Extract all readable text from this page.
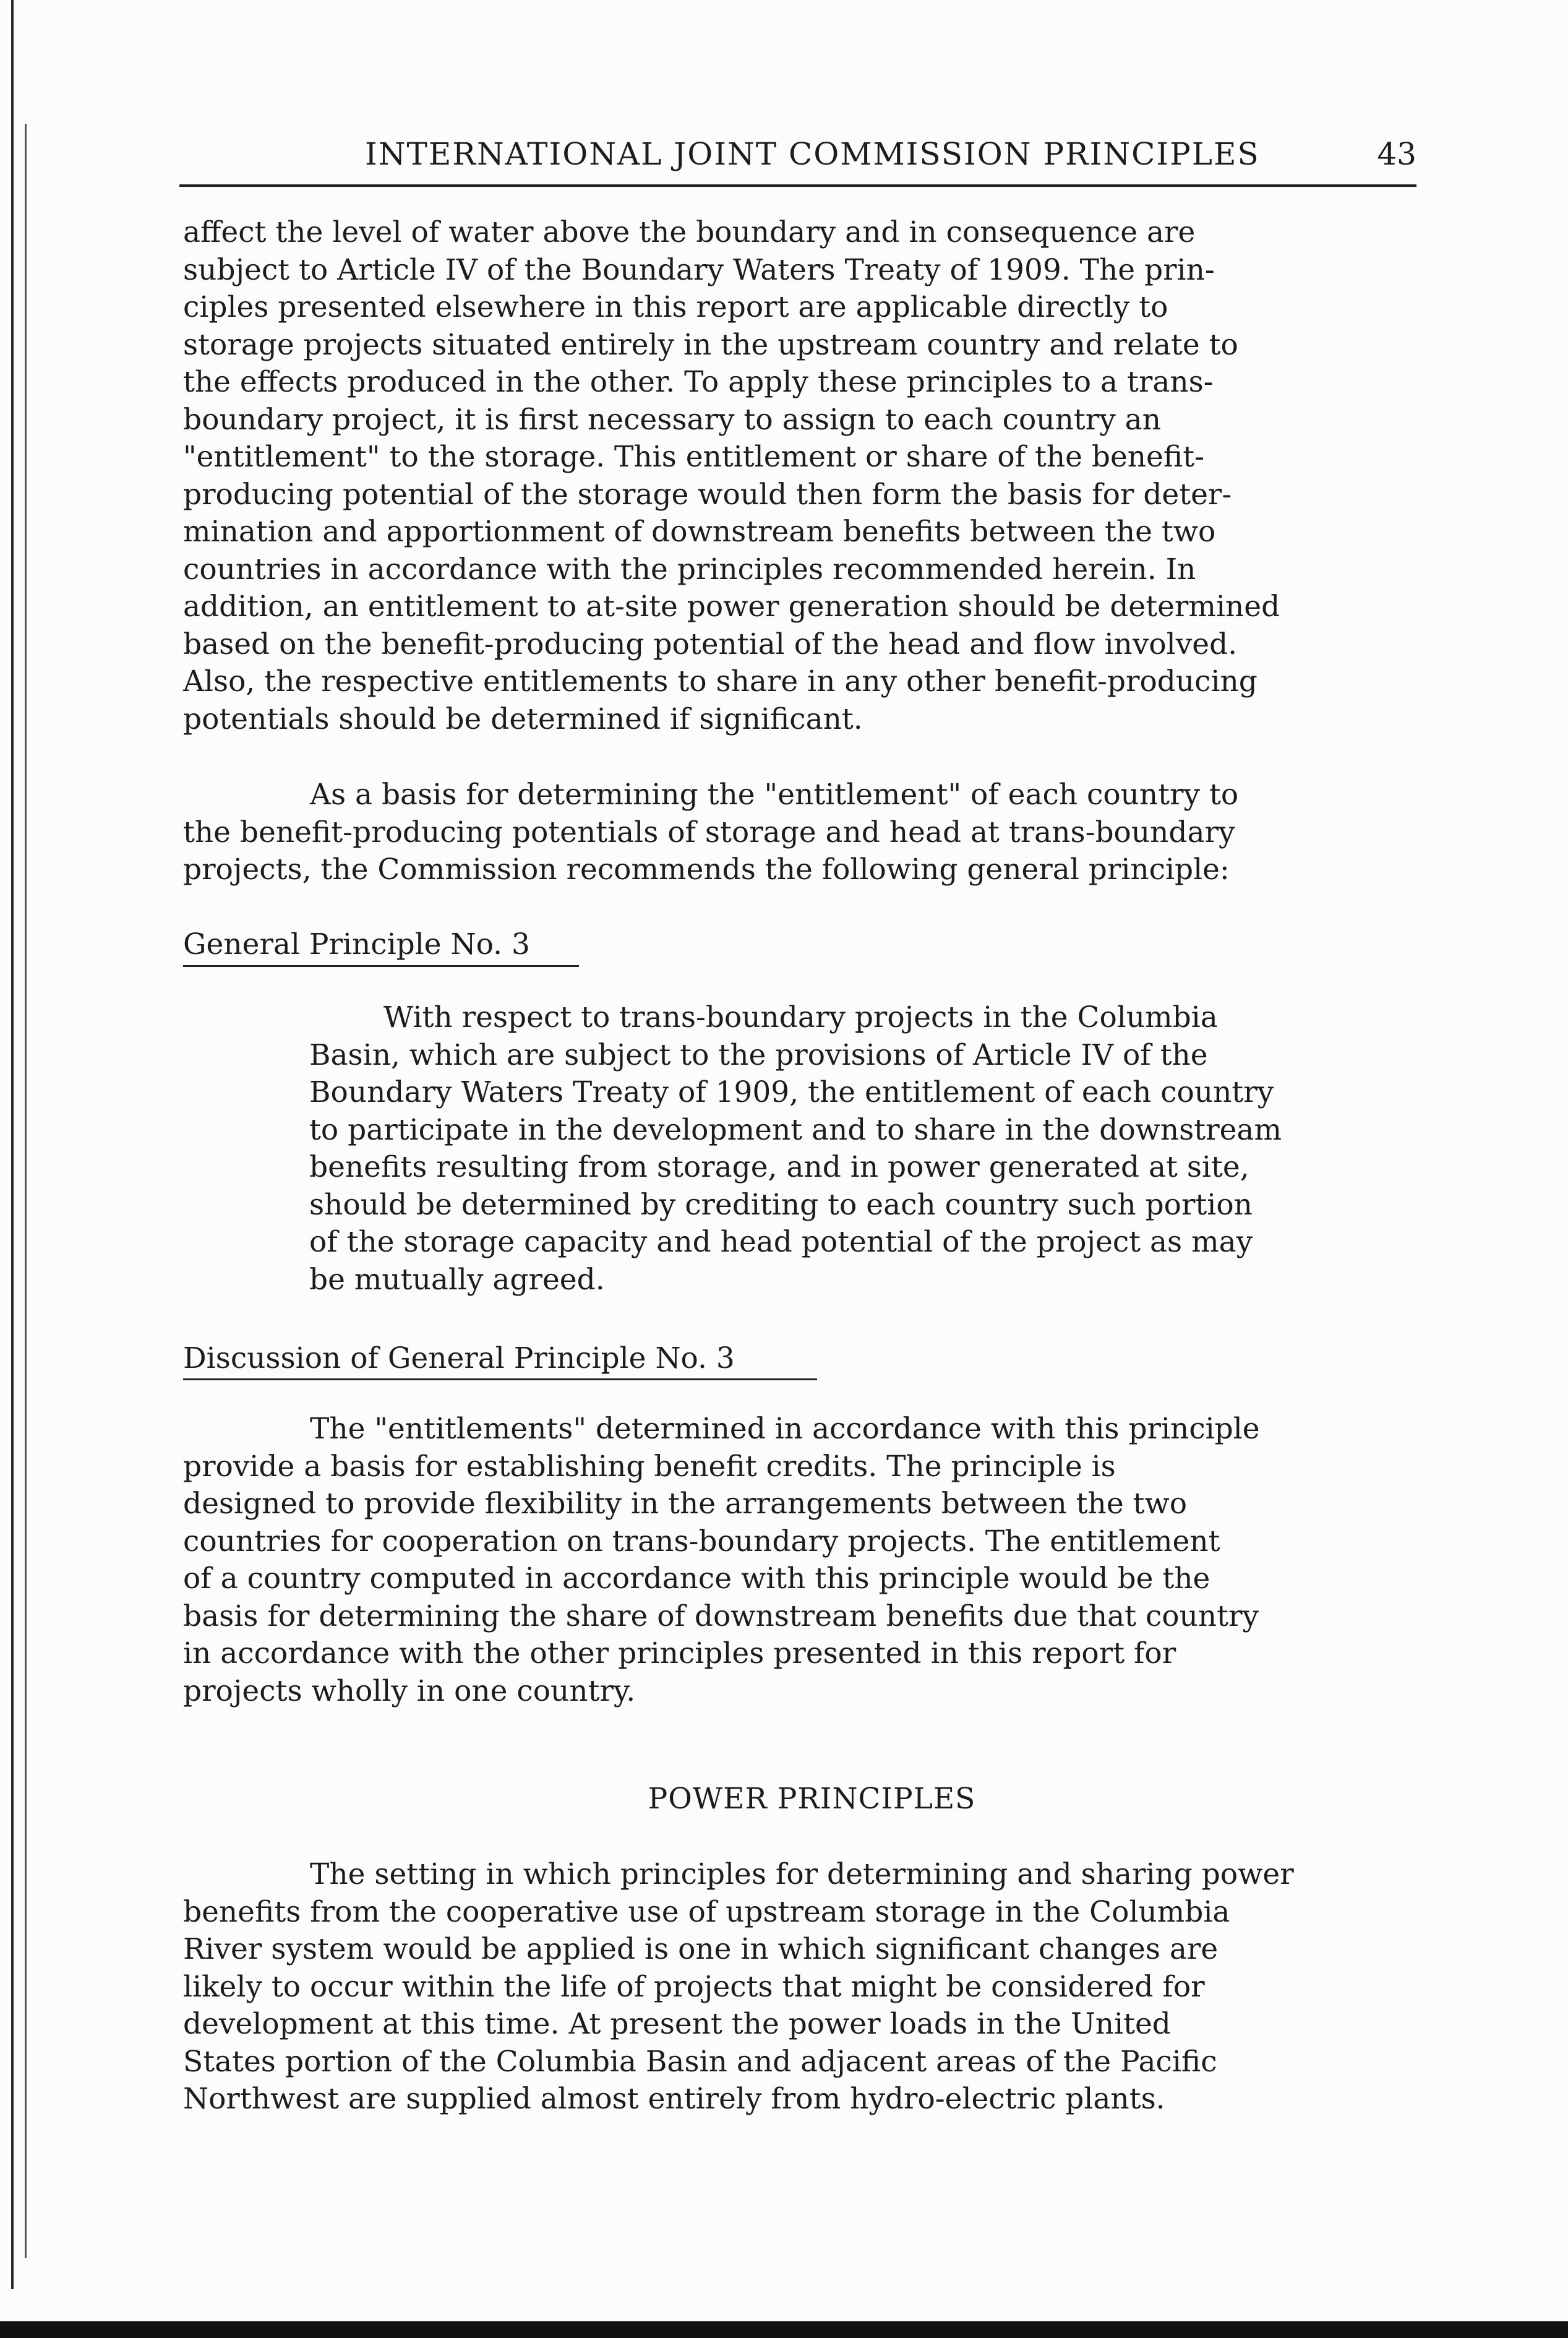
INTERNATIONAL JOINT COMMISSION PRINCIPLES	43

affect the level of water above the boundary and in consequence are
subject to Article IV of the Boundary Waters Treaty of 1909. The prin-
ciples presented elsewhere in this report are applicable directly to
storage projects situated entirely in the upstream country and relate to
the effects produced in the other. To apply these principles to a trans-
boundary project, it is first necessary to assign to each country an
"entitlement" to the storage. This entitlement or share of the benefit-
producing potential of the storage would then form the basis for deter-
mination and apportionment of downstream benefits between the two
countries in accordance with the principles recommended herein. In
addition, an entitlement to at-site power generation should be determined
based on the benefit-producing potential of the head and flow involved.
Also, the respective entitlements to share in any other benefit-producing
potentials should be determined if significant.

As a basis for determining the "entitlement" of each country to
the benefit-producing potentials of storage and head at trans-boundary
projects, the Commission recommends the following general principle:

General Principle No. 3

With respect to trans-boundary projects in the Columbia
Basin, which are subject to the provisions of Article IV of the
Boundary Waters Treaty of 1909, the entitlement of each country
to participate in the development and to share in the downstream
benefits resulting from storage, and in power generated at site,
should be determined by crediting to each country such portion
of the storage capacity and head potential of the project as may
be mutually agreed.

Discussion of General Principle No. 3

The "entitlements" determined in accordance with this principle
provide a basis for establishing benefit credits. The principle is
designed to provide flexibility in the arrangements between the two
countries for cooperation on trans-boundary projects. The entitlement
of a country computed in accordance with this principle would be the
basis for determining the share of downstream benefits due that country
in accordance with the other principles presented in this report for
projects wholly in one country.

POWER PRINCIPLES

The setting in which principles for determining and sharing power
benefits from the cooperative use of upstream storage in the Columbia
River system would be applied is one in which significant changes are
likely to occur within the life of projects that might be considered for
development at this time. At present the power loads in the United
States portion of the Columbia Basin and adjacent areas of the Pacific
Northwest are supplied almost entirely from hydro-electric plants.
